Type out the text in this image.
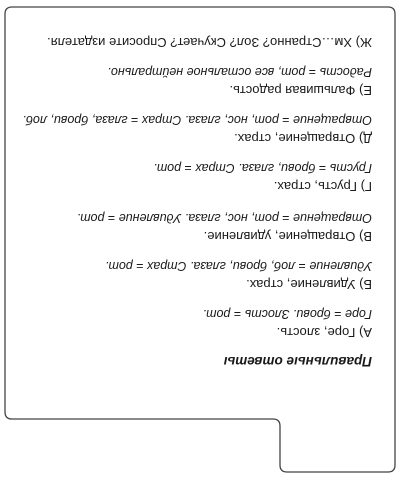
Правильные ответы
А) Горе, злость.
Горе = брови. Злость = рот.
Б) Удивление, страх.
Удивление = лоб, брови, глаза. Страх = рот.
В) Отвращение, удивление.
Отвращение = рот, нос, глаза. Удивление = рот.
Г) Грусть, страх.
Грусть = брови, глаза. Страх = рот.
Д) Отвращение, страх.
Отвращение = рот, нос, глаза. Страх = глаза, брови, лоб.
Е) Фальшивая радость.
Радость = рот, все остальное нейтрально.
Ж) Хм…Странно? Зол? Скучает? Спросите издателя.
